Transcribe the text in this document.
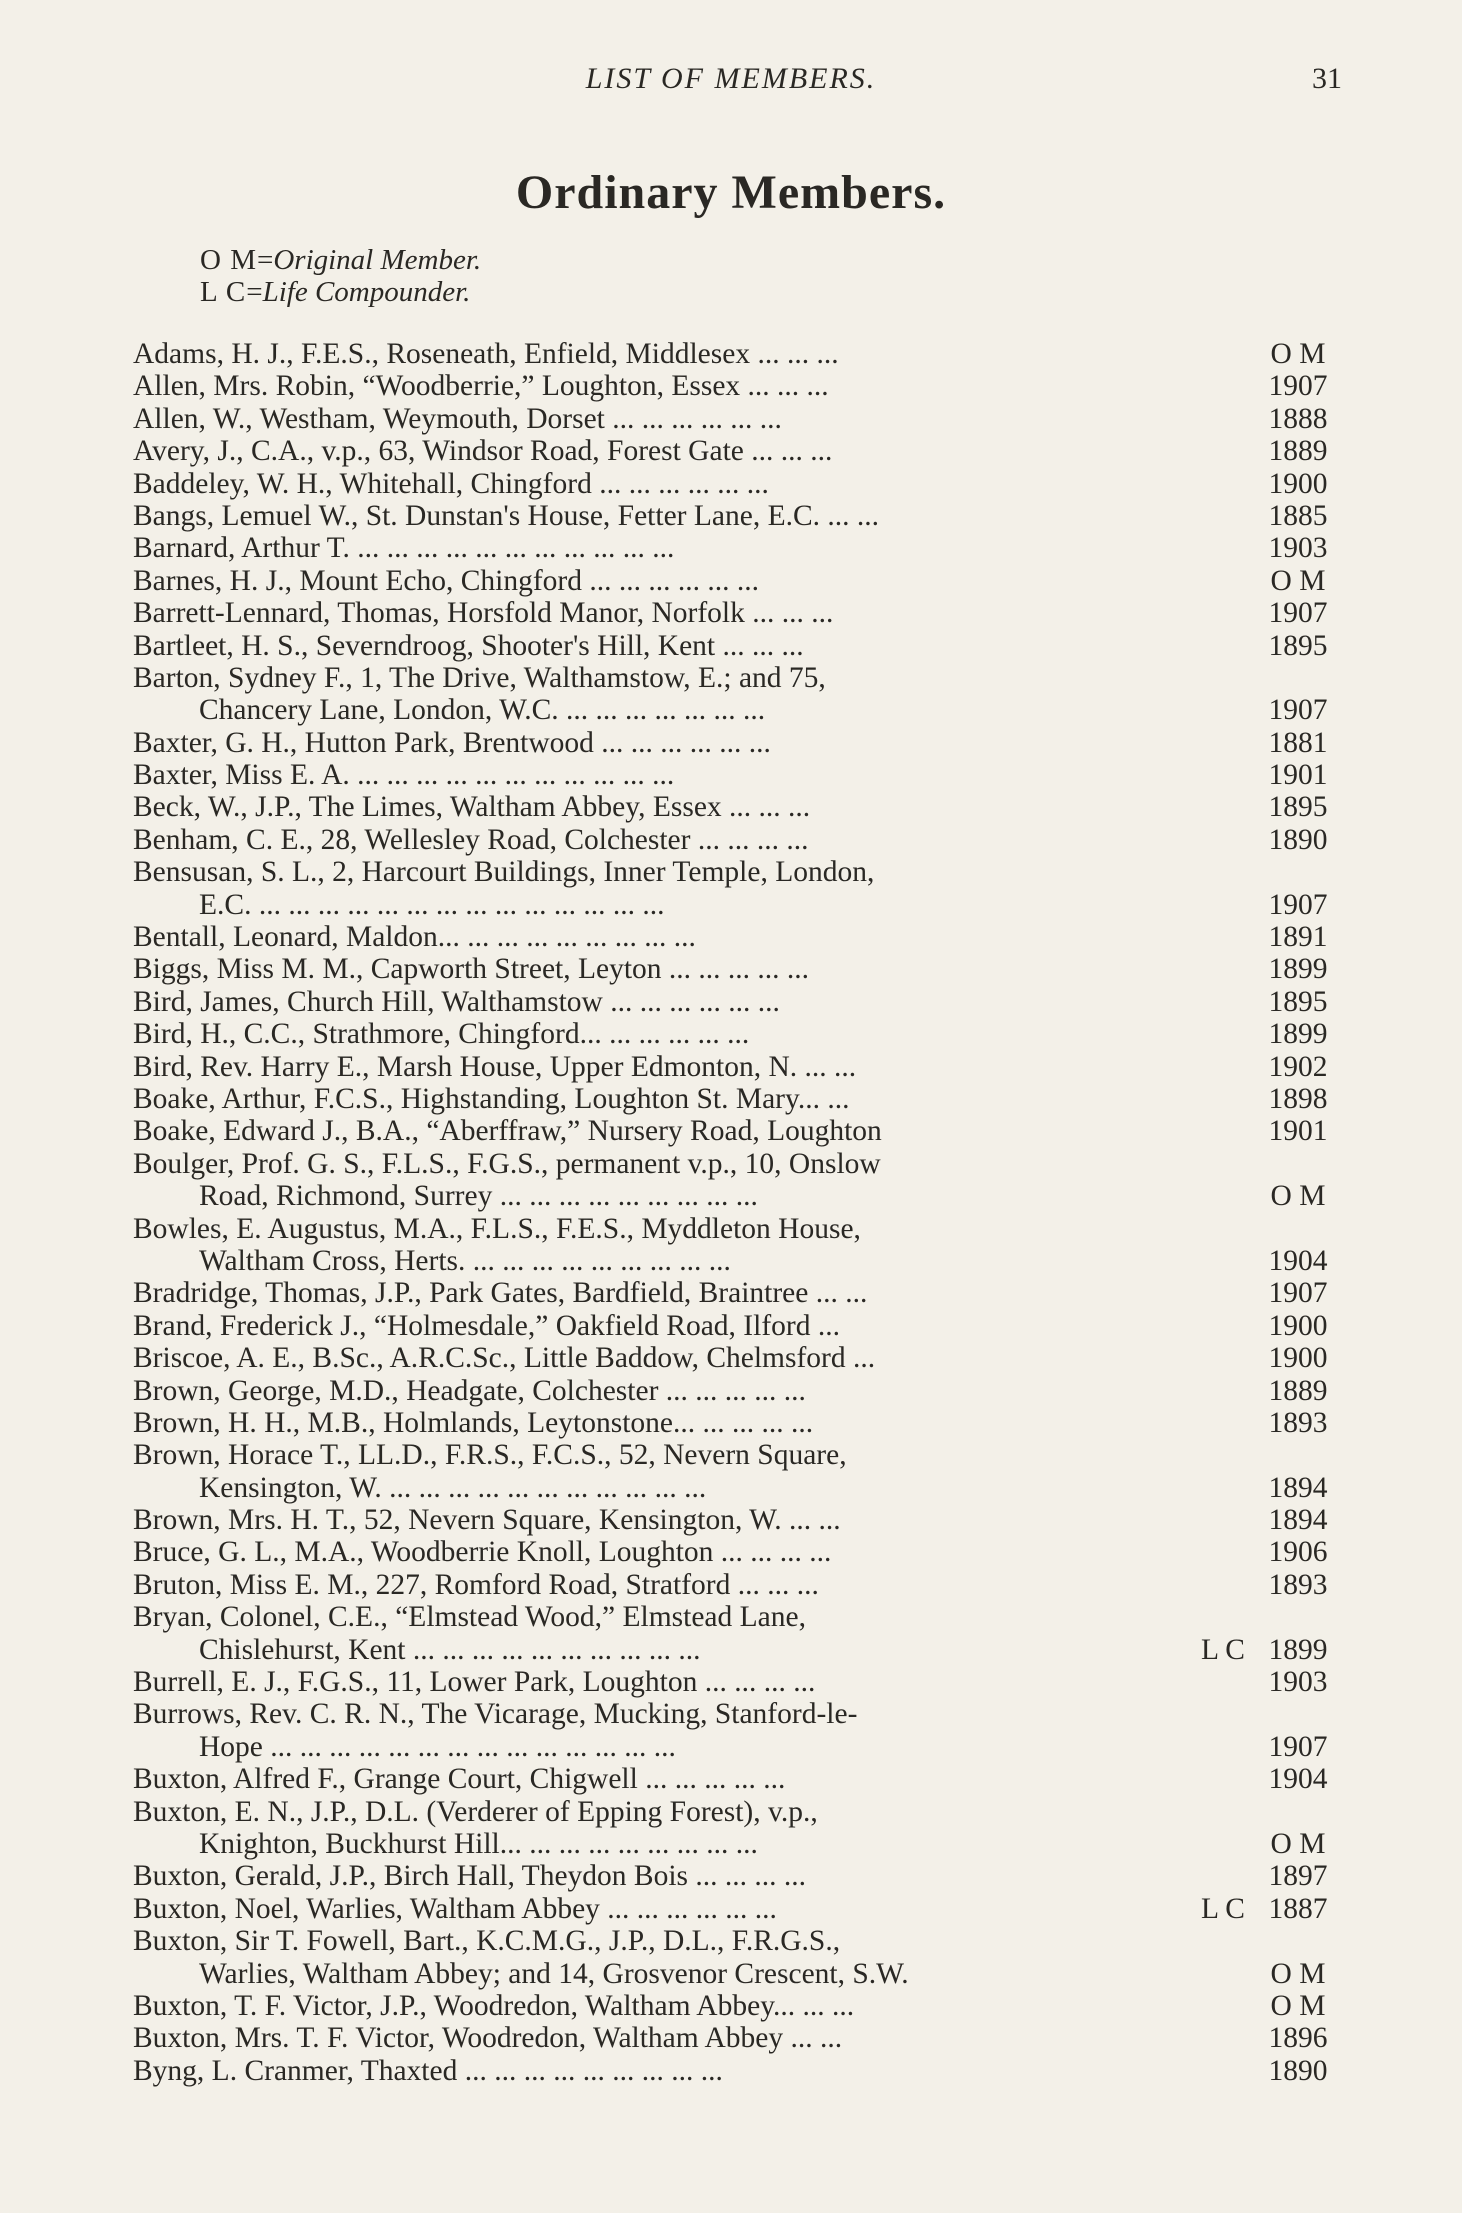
LIST OF MEMBERS.	31
Ordinary Members.
O M=Original Member.
L C=Life Compounder.
Adams, H. J., F.E.S., Roseneath, Enfield, Middlesex ... ... ...	O M
Allen, Mrs. Robin, “Woodberrie,” Loughton, Essex ... ... ...	1907
Allen, W., Westham, Weymouth, Dorset ... ... ... ... ... ...	1888
Avery, J., C.A., v.p., 63, Windsor Road, Forest Gate ... ... ...	1889
Baddeley, W. H., Whitehall, Chingford ... ... ... ... ... ...	1900
Bangs, Lemuel W., St. Dunstan's House, Fetter Lane, E.C. ... ...	1885
Barnard, Arthur T. ... ... ... ... ... ... ... ... ... ... ...	1903
Barnes, H. J., Mount Echo, Chingford ... ... ... ... ... ...	O M
Barrett-Lennard, Thomas, Horsfold Manor, Norfolk ... ... ...	1907
Bartleet, H. S., Severndroog, Shooter's Hill, Kent ... ... ...	1895
Barton, Sydney F., 1, The Drive, Walthamstow, E.; and 75,
Chancery Lane, London, W.C. ... ... ... ... ... ... ...	1907
Baxter, G. H., Hutton Park, Brentwood ... ... ... ... ... ...	1881
Baxter, Miss E. A. ... ... ... ... ... ... ... ... ... ... ...	1901
Beck, W., J.P., The Limes, Waltham Abbey, Essex ... ... ...	1895
Benham, C. E., 28, Wellesley Road, Colchester ... ... ... ...	1890
Bensusan, S. L., 2, Harcourt Buildings, Inner Temple, London,
E.C. ... ... ... ... ... ... ... ... ... ... ... ... ... ...	1907
Bentall, Leonard, Maldon... ... ... ... ... ... ... ... ...	1891
Biggs, Miss M. M., Capworth Street, Leyton ... ... ... ... ...	1899
Bird, James, Church Hill, Walthamstow ... ... ... ... ... ...	1895
Bird, H., C.C., Strathmore, Chingford... ... ... ... ... ...	1899
Bird, Rev. Harry E., Marsh House, Upper Edmonton, N. ... ...	1902
Boake, Arthur, F.C.S., Highstanding, Loughton St. Mary... ...	1898
Boake, Edward J., B.A., “Aberffraw,” Nursery Road, Loughton	1901
Boulger, Prof. G. S., F.L.S., F.G.S., permanent v.p., 10, Onslow
Road, Richmond, Surrey ... ... ... ... ... ... ... ... ...	O M
Bowles, E. Augustus, M.A., F.L.S., F.E.S., Myddleton House,
Waltham Cross, Herts. ... ... ... ... ... ... ... ... ...	1904
Bradridge, Thomas, J.P., Park Gates, Bardfield, Braintree ... ...	1907
Brand, Frederick J., “Holmesdale,” Oakfield Road, Ilford ...	1900
Briscoe, A. E., B.Sc., A.R.C.Sc., Little Baddow, Chelmsford ...	1900
Brown, George, M.D., Headgate, Colchester ... ... ... ... ...	1889
Brown, H. H., M.B., Holmlands, Leytonstone... ... ... ... ...	1893
Brown, Horace T., LL.D., F.R.S., F.C.S., 52, Nevern Square,
Kensington, W. ... ... ... ... ... ... ... ... ... ... ...	1894
Brown, Mrs. H. T., 52, Nevern Square, Kensington, W. ... ...	1894
Bruce, G. L., M.A., Woodberrie Knoll, Loughton ... ... ... ...	1906
Bruton, Miss E. M., 227, Romford Road, Stratford ... ... ...	1893
Bryan, Colonel, C.E., “Elmstead Wood,” Elmstead Lane,
Chislehurst, Kent ... ... ... ... ... ... ... ... ... ...	L C 1899
Burrell, E. J., F.G.S., 11, Lower Park, Loughton ... ... ... ...	1903
Burrows, Rev. C. R. N., The Vicarage, Mucking, Stanford-le-
Hope ... ... ... ... ... ... ... ... ... ... ... ... ... ...	1907
Buxton, Alfred F., Grange Court, Chigwell ... ... ... ... ...	1904
Buxton, E. N., J.P., D.L. (Verderer of Epping Forest), v.p.,
Knighton, Buckhurst Hill... ... ... ... ... ... ... ... ...	O M
Buxton, Gerald, J.P., Birch Hall, Theydon Bois ... ... ... ...	1897
Buxton, Noel, Warlies, Waltham Abbey ... ... ... ... ... ...	L C 1887
Buxton, Sir T. Fowell, Bart., K.C.M.G., J.P., D.L., F.R.G.S.,
Warlies, Waltham Abbey; and 14, Grosvenor Crescent, S.W.	O M
Buxton, T. F. Victor, J.P., Woodredon, Waltham Abbey... ... ...	O M
Buxton, Mrs. T. F. Victor, Woodredon, Waltham Abbey ... ...	1896
Byng, L. Cranmer, Thaxted ... ... ... ... ... ... ... ... ...	1890
